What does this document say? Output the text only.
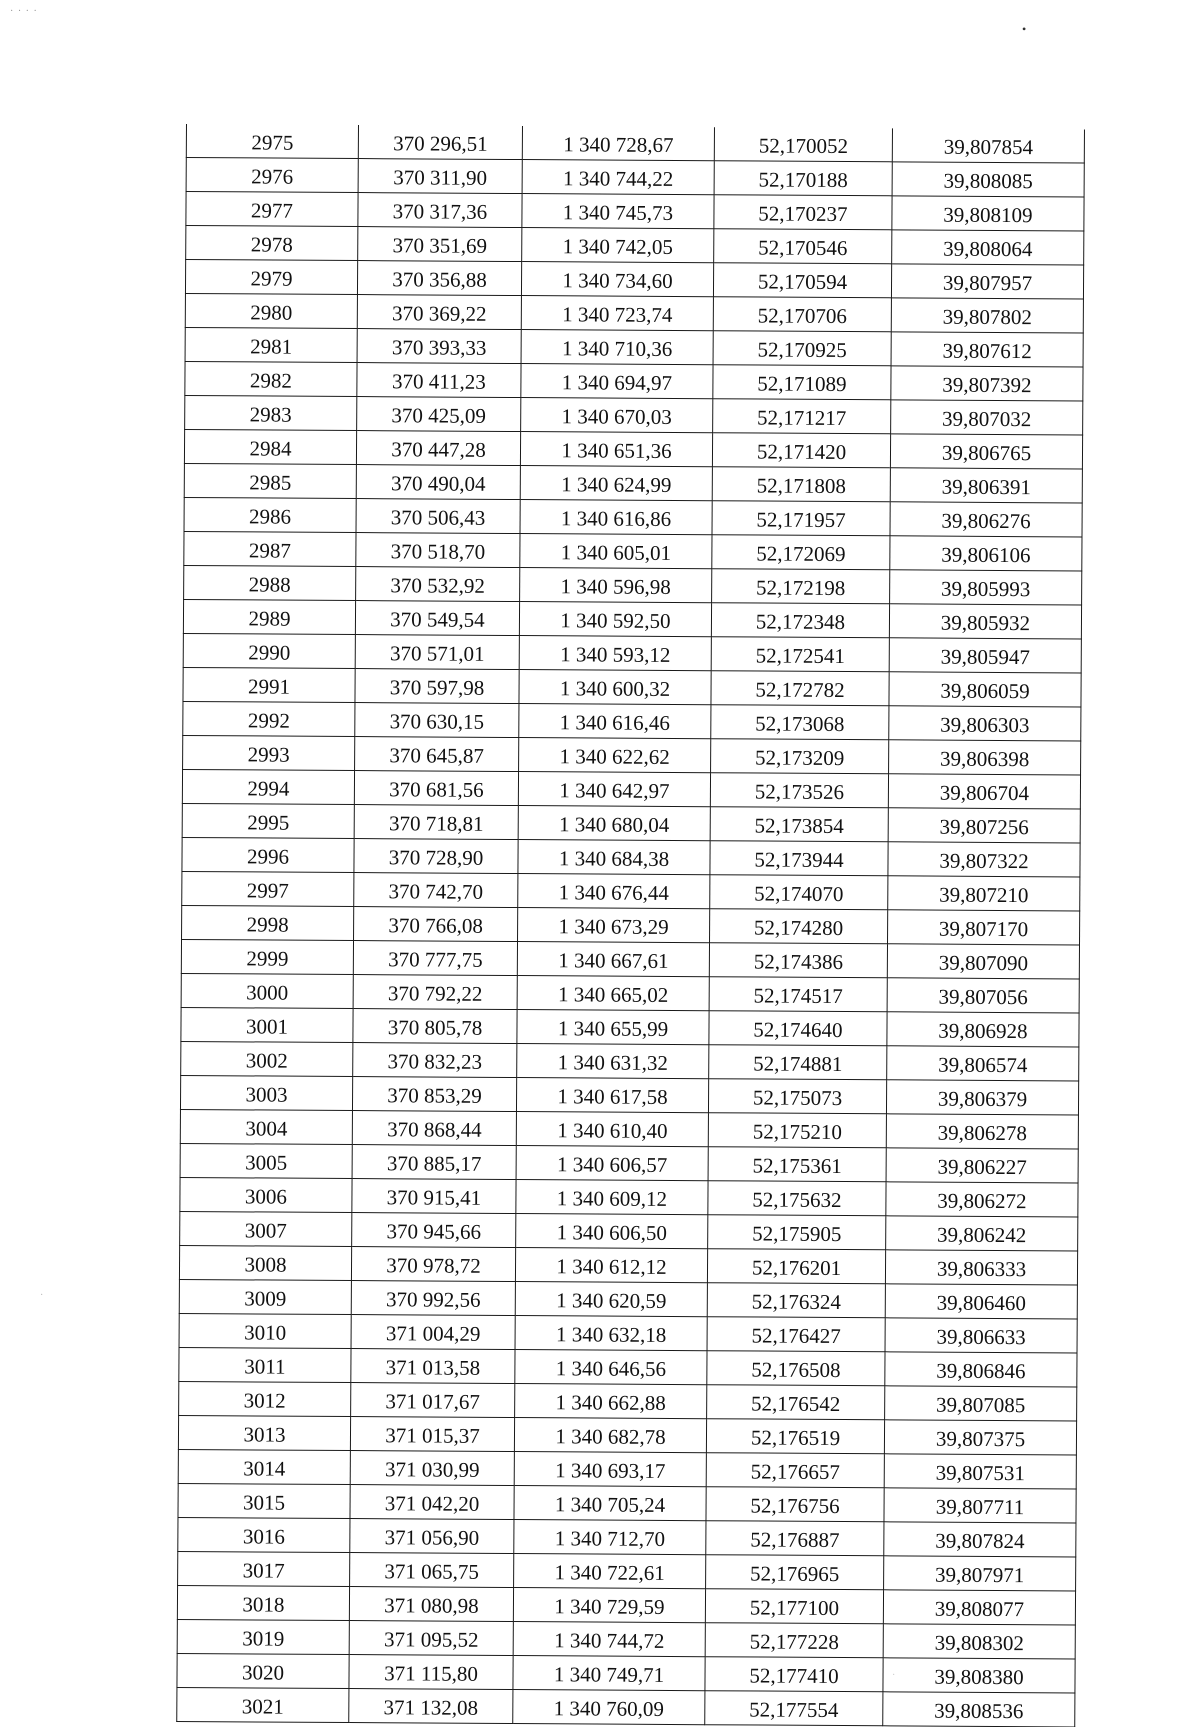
· · · ·
•
·
·
2975	370 296,51	1 340 728,67	52,170052	39,807854
2976	370 311,90	1 340 744,22	52,170188	39,808085
2977	370 317,36	1 340 745,73	52,170237	39,808109
2978	370 351,69	1 340 742,05	52,170546	39,808064
2979	370 356,88	1 340 734,60	52,170594	39,807957
2980	370 369,22	1 340 723,74	52,170706	39,807802
2981	370 393,33	1 340 710,36	52,170925	39,807612
2982	370 411,23	1 340 694,97	52,171089	39,807392
2983	370 425,09	1 340 670,03	52,171217	39,807032
2984	370 447,28	1 340 651,36	52,171420	39,806765
2985	370 490,04	1 340 624,99	52,171808	39,806391
2986	370 506,43	1 340 616,86	52,171957	39,806276
2987	370 518,70	1 340 605,01	52,172069	39,806106
2988	370 532,92	1 340 596,98	52,172198	39,805993
2989	370 549,54	1 340 592,50	52,172348	39,805932
2990	370 571,01	1 340 593,12	52,172541	39,805947
2991	370 597,98	1 340 600,32	52,172782	39,806059
2992	370 630,15	1 340 616,46	52,173068	39,806303
2993	370 645,87	1 340 622,62	52,173209	39,806398
2994	370 681,56	1 340 642,97	52,173526	39,806704
2995	370 718,81	1 340 680,04	52,173854	39,807256
2996	370 728,90	1 340 684,38	52,173944	39,807322
2997	370 742,70	1 340 676,44	52,174070	39,807210
2998	370 766,08	1 340 673,29	52,174280	39,807170
2999	370 777,75	1 340 667,61	52,174386	39,807090
3000	370 792,22	1 340 665,02	52,174517	39,807056
3001	370 805,78	1 340 655,99	52,174640	39,806928
3002	370 832,23	1 340 631,32	52,174881	39,806574
3003	370 853,29	1 340 617,58	52,175073	39,806379
3004	370 868,44	1 340 610,40	52,175210	39,806278
3005	370 885,17	1 340 606,57	52,175361	39,806227
3006	370 915,41	1 340 609,12	52,175632	39,806272
3007	370 945,66	1 340 606,50	52,175905	39,806242
3008	370 978,72	1 340 612,12	52,176201	39,806333
3009	370 992,56	1 340 620,59	52,176324	39,806460
3010	371 004,29	1 340 632,18	52,176427	39,806633
3011	371 013,58	1 340 646,56	52,176508	39,806846
3012	371 017,67	1 340 662,88	52,176542	39,807085
3013	371 015,37	1 340 682,78	52,176519	39,807375
3014	371 030,99	1 340 693,17	52,176657	39,807531
3015	371 042,20	1 340 705,24	52,176756	39,807711
3016	371 056,90	1 340 712,70	52,176887	39,807824
3017	371 065,75	1 340 722,61	52,176965	39,807971
3018	371 080,98	1 340 729,59	52,177100	39,808077
3019	371 095,52	1 340 744,72	52,177228	39,808302
3020	371 115,80	1 340 749,71	52,177410	39,808380
3021	371 132,08	1 340 760,09	52,177554	39,808536
